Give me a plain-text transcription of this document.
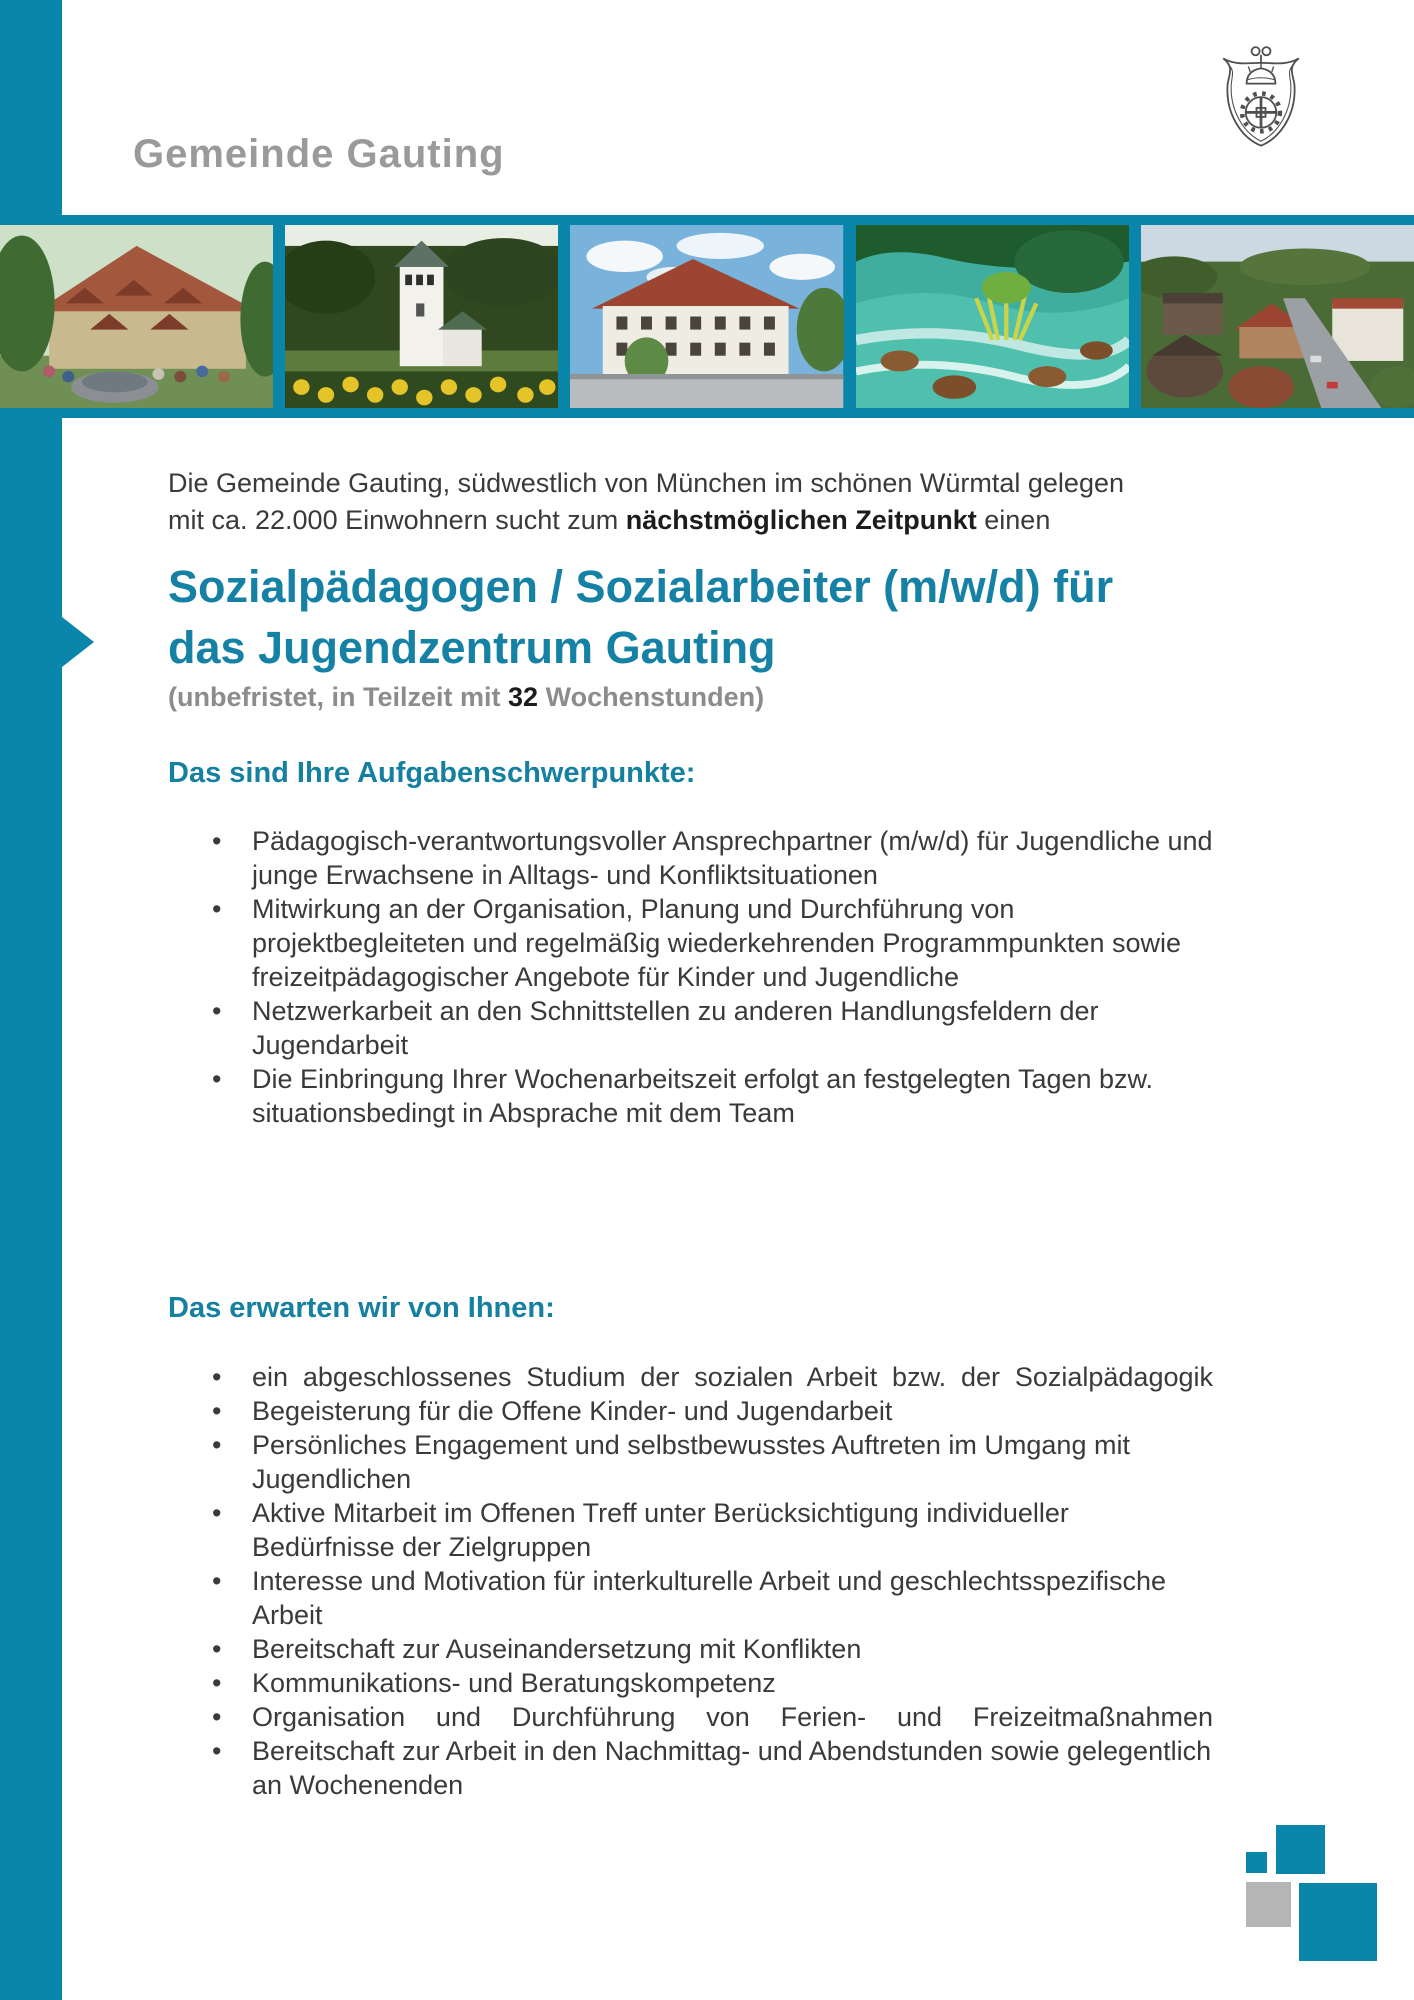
Gemeinde Gauting

Die Gemeinde Gauting, südwestlich von München im schönen Würmtal gelegen mit ca. 22.000 Einwohnern sucht zum nächstmöglichen Zeitpunkt einen

Sozialpädagogen / Sozialarbeiter (m/w/d) für
das Jugendzentrum Gauting
(unbefristet, in Teilzeit mit 32 Wochenstunden)
Das sind Ihre Aufgabenschwerpunkte:
• Pädagogisch-verantwortungsvoller Ansprechpartner (m/w/d) für Jugendliche und junge Erwachsene in Alltags- und Konfliktsituationen
• Mitwirkung an der Organisation, Planung und Durchführung von projektbegleiteten und regelmäßig wiederkehrenden Programmpunkten sowie freizeitpädagogischer Angebote für Kinder und Jugendliche
• Netzwerkarbeit an den Schnittstellen zu anderen Handlungsfeldern der Jugendarbeit
• Die Einbringung Ihrer Wochenarbeitszeit erfolgt an festgelegten Tagen bzw. situationsbedingt in Absprache mit dem Team
Das erwarten wir von Ihnen:
• ein abgeschlossenes Studium der sozialen Arbeit bzw. der Sozialpädagogik
• Begeisterung für die Offene Kinder- und Jugendarbeit
• Persönliches Engagement und selbstbewusstes Auftreten im Umgang mit Jugendlichen
• Aktive Mitarbeit im Offenen Treff unter Berücksichtigung individueller Bedürfnisse der Zielgruppen
• Interesse und Motivation für interkulturelle Arbeit und geschlechtsspezifische Arbeit
• Bereitschaft zur Auseinandersetzung mit Konflikten
• Kommunikations- und Beratungskompetenz
• Organisation und Durchführung von Ferien- und Freizeitmaßnahmen
• Bereitschaft zur Arbeit in den Nachmittag- und Abendstunden sowie gelegentlich an Wochenenden
